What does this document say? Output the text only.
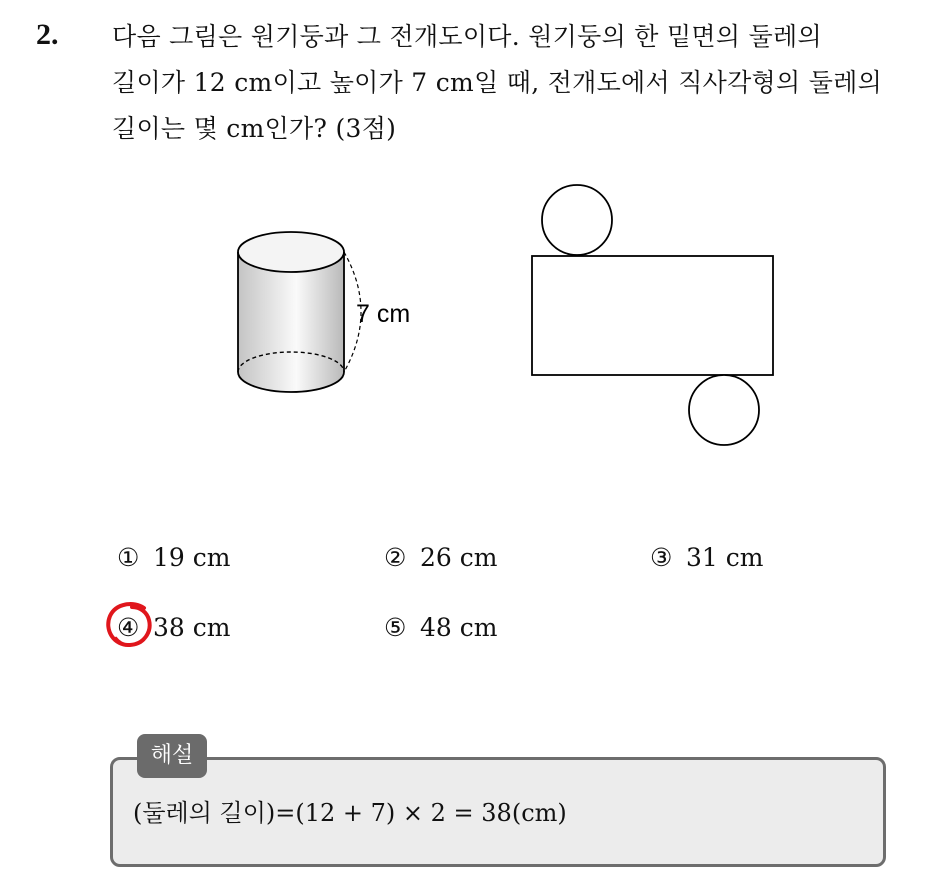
2. 다음 그림은 원기둥과 그 전개도이다. 원기둥의 한 밑면의 둘레의

길이가 12 cm이고 높이가 7 cm일 때, 전개도에서 직사각형의 둘레의

길이는 몇 cm인가? (3점)

7 cm
① 19 cm	② 26 cm	③ 31 cm
④ 38 cm	⑤ 48 cm
해설
(둘레의 길이)=(12 + 7) × 2 = 38(cm)
